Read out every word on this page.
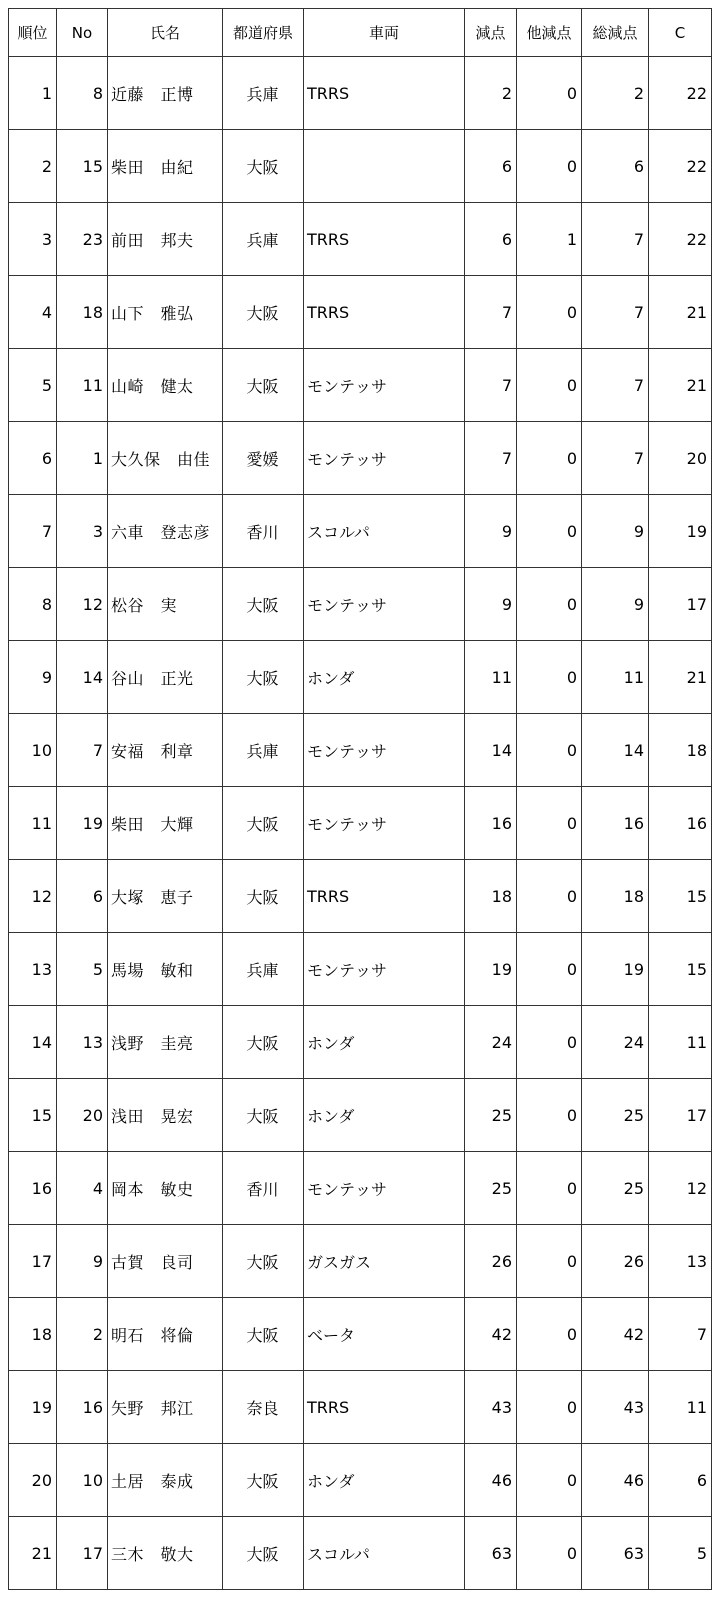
順位	No	氏名	都道府県	車両	減点	他減点	総減点	C
1	8	近藤　正博	兵庫	TRRS	2	0	2	22
2	15	柴田　由紀	大阪		6	0	6	22
3	23	前田　邦夫	兵庫	TRRS	6	1	7	22
4	18	山下　雅弘	大阪	TRRS	7	0	7	21
5	11	山崎　健太	大阪	モンテッサ	7	0	7	21
6	1	大久保　由佳	愛媛	モンテッサ	7	0	7	20
7	3	六車　登志彦	香川	スコルパ	9	0	9	19
8	12	松谷　実	大阪	モンテッサ	9	0	9	17
9	14	谷山　正光	大阪	ホンダ	11	0	11	21
10	7	安福　利章	兵庫	モンテッサ	14	0	14	18
11	19	柴田　大輝	大阪	モンテッサ	16	0	16	16
12	6	大塚　恵子	大阪	TRRS	18	0	18	15
13	5	馬場　敏和	兵庫	モンテッサ	19	0	19	15
14	13	浅野　圭亮	大阪	ホンダ	24	0	24	11
15	20	浅田　晃宏	大阪	ホンダ	25	0	25	17
16	4	岡本　敏史	香川	モンテッサ	25	0	25	12
17	9	古賀　良司	大阪	ガスガス	26	0	26	13
18	2	明石　将倫	大阪	ベータ	42	0	42	7
19	16	矢野　邦江	奈良	TRRS	43	0	43	11
20	10	土居　泰成	大阪	ホンダ	46	0	46	6
21	17	三木　敬大	大阪	スコルパ	63	0	63	5
